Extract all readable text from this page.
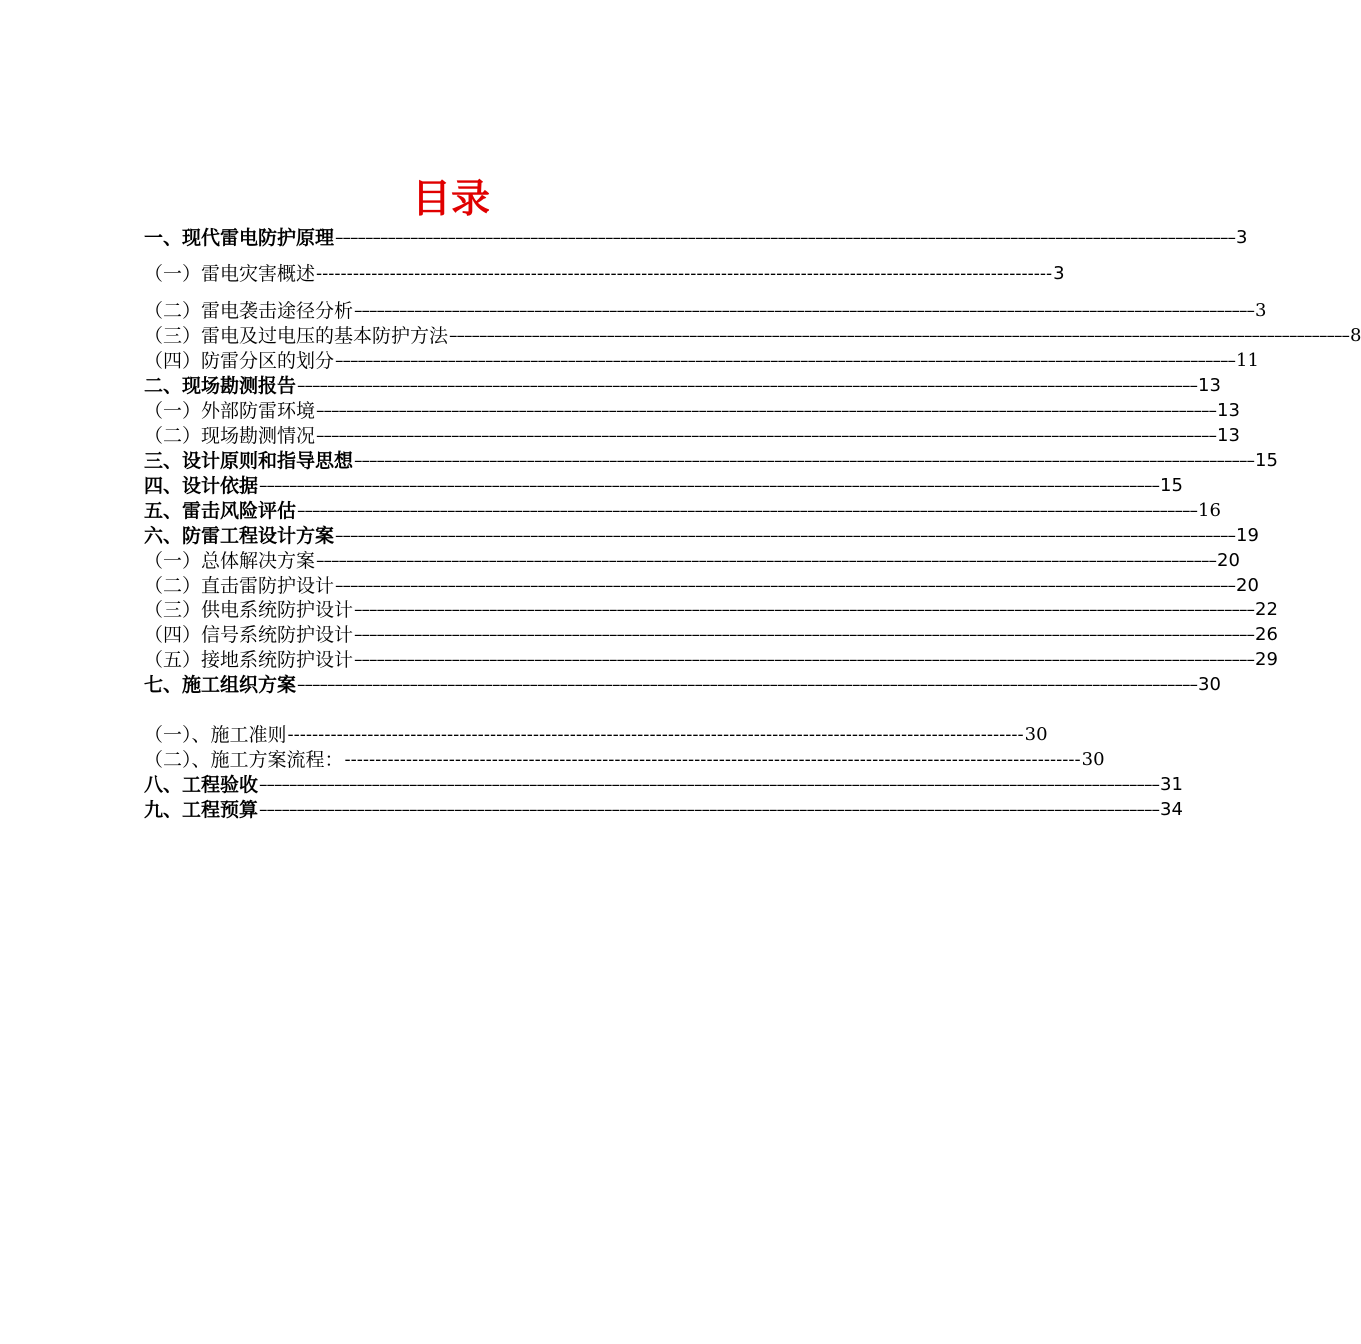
目录
一、现代雷电防护原理 –––––––––––––––––––––––––––––––––––––––––––––––––––––––––––––––––––––––––––––––––––––––––––––––––––––––––––––––––––––––– 3
（一）雷电灾害概述 ------------------------------------------------------------------------------------------------------------------------ 3
（二）雷电袭击途径分析 –––––––––––––––––––––––––––––––––––––––––––––––––––––––––––––––––––––––––––––––––––––––––––––––––––––––––––––––––––––––– 3
（三）雷电及过电压的基本防护方法 –––––––––––––––––––––––––––––––––––––––––––––––––––––––––––––––––––––––––––––––––––––––––––––––––––––––––––––––––––––––– 8
（四）防雷分区的划分 –––––––––––––––––––––––––––––––––––––––––––––––––––––––––––––––––––––––––––––––––––––––––––––––––––––––––––––––––––––––– 11
二、现场勘测报告 –––––––––––––––––––––––––––––––––––––––––––––––––––––––––––––––––––––––––––––––––––––––––––––––––––––––––––––––––––––––– 13
（一）外部防雷环境 –––––––––––––––––––––––––––––––––––––––––––––––––––––––––––––––––––––––––––––––––––––––––––––––––––––––––––––––––––––––– 13
（二）现场勘测情况 –––––––––––––––––––––––––––––––––––––––––––––––––––––––––––––––––––––––––––––––––––––––––––––––––––––––––––––––––––––––– 13
三、设计原则和指导思想 –––––––––––––––––––––––––––––––––––––––––––––––––––––––––––––––––––––––––––––––––––––––––––––––––––––––––––––––––––––––– 15
四、设计依据 –––––––––––––––––––––––––––––––––––––––––––––––––––––––––––––––––––––––––––––––––––––––––––––––––––––––––––––––––––––––– 15
五、雷击风险评估 –––––––––––––––––––––––––––––––––––––––––––––––––––––––––––––––––––––––––––––––––––––––––––––––––––––––––––––––––––––––– 16
六、防雷工程设计方案 –––––––––––––––––––––––––––––––––––––––––––––––––––––––––––––––––––––––––––––––––––––––––––––––––––––––––––––––––––––––– 19
（一）总体解决方案 –––––––––––––––––––––––––––––––––––––––––––––––––––––––––––––––––––––––––––––––––––––––––––––––––––––––––––––––––––––––– 20
（二）直击雷防护设计 –––––––––––––––––––––––––––––––––––––––––––––––––––––––––––––––––––––––––––––––––––––––––––––––––––––––––––––––––––––––– 20
（三）供电系统防护设计 –––––––––––––––––––––––––––––––––––––––––––––––––––––––––––––––––––––––––––––––––––––––––––––––––––––––––––––––––––––––– 22
（四）信号系统防护设计 –––––––––––––––––––––––––––––––––––––––––––––––––––––––––––––––––––––––––––––––––––––––––––––––––––––––––––––––––––––––– 26
（五）接地系统防护设计 –––––––––––––––––––––––––––––––––––––––––––––––––––––––––––––––––––––––––––––––––––––––––––––––––––––––––––––––––––––––– 29
七、施工组织方案 –––––––––––––––––––––––––––––––––––––––––––––––––––––––––––––––––––––––––––––––––––––––––––––––––––––––––––––––––––––––– 30
（一）、施工准则 ------------------------------------------------------------------------------------------------------------------------ 30
（二）、施工方案流程： ------------------------------------------------------------------------------------------------------------------------ 30
八、工程验收 –––––––––––––––––––––––––––––––––––––––––––––––––––––––––––––––––––––––––––––––––––––––––––––––––––––––––––––––––––––––– 31
九、工程预算 –––––––––––––––––––––––––––––––––––––––––––––––––––––––––––––––––––––––––––––––––––––––––––––––––––––––––––––––––––––––– 34
